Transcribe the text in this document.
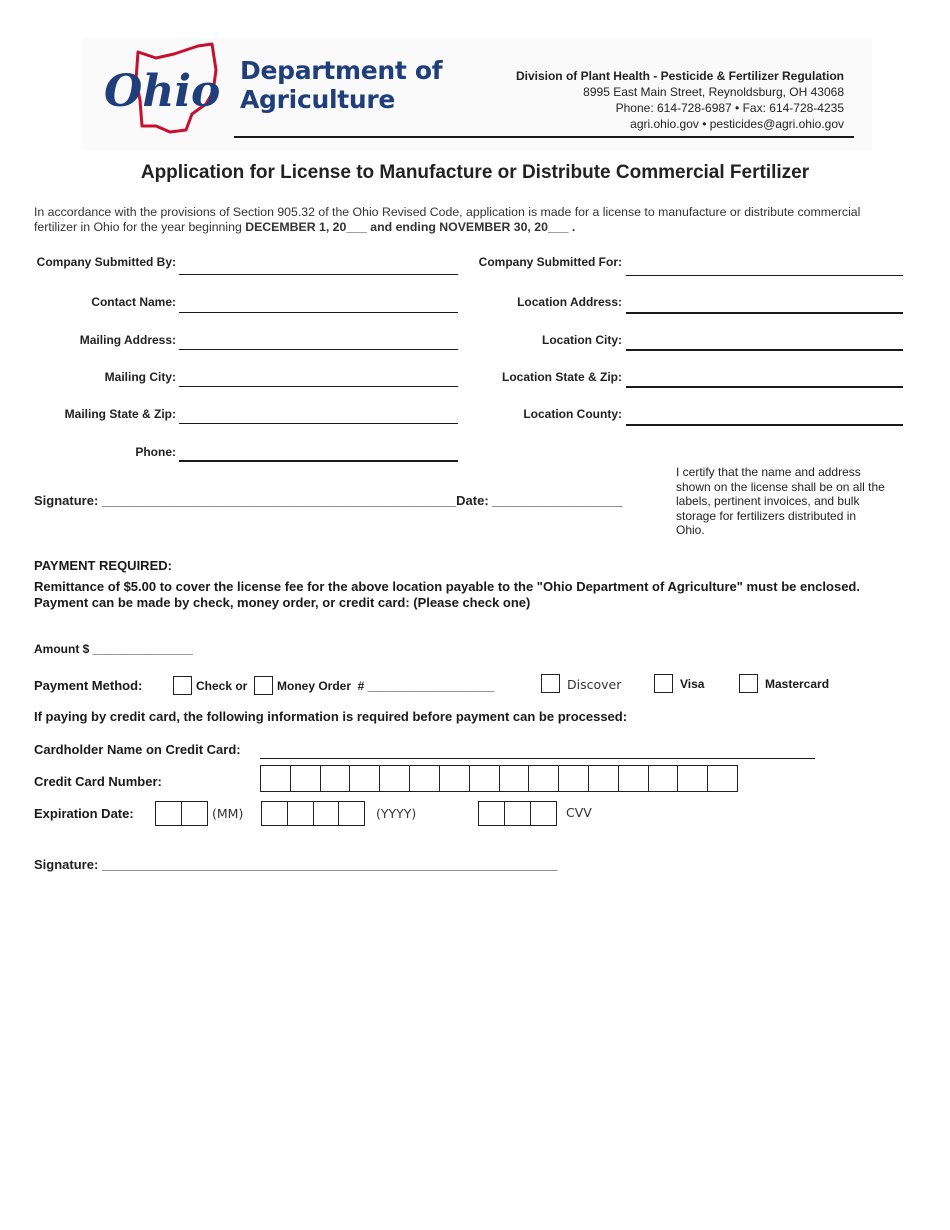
Ohio Department of
Agriculture
Division of Plant Health - Pesticide & Fertilizer Regulation
8995 East Main Street, Reynoldsburg, OH 43068
Phone: 614-728-6987 • Fax: 614-728-4235
agri.ohio.gov • pesticides@agri.ohio.gov
Application for License to Manufacture or Distribute Commercial Fertilizer
In accordance with the provisions of Section 905.32 of the Ohio Revised Code, application is made for a license to manufacture or distribute commercial fertilizer in Ohio for the year beginning DECEMBER 1, 20___ and ending NOVEMBER 30, 20___ .
Company Submitted By:
Contact Name:
Mailing Address:
Mailing City:
Mailing State & Zip:
Phone:
Company Submitted For:
Location Address:
Location City:
Location State & Zip:
Location County:
Signature: _________________________________________________Date: __________________
I certify that the name and address shown on the license shall be on all the labels, pertinent invoices, and bulk storage for fertilizers distributed in Ohio.
PAYMENT REQUIRED:
Remittance of $5.00 to cover the license fee for the above location payable to the "Ohio Department of Agriculture" must be enclosed. Payment can be made by check, money order, or credit card: (Please check one)
Amount $ _______________
Payment Method:	Check or Money Order  # ___________________	Discover	Visa	Mastercard
If paying by credit card, the following information is required before payment can be processed:
Cardholder Name on Credit Card:
Credit Card Number:
Expiration Date:	(MM)	(YYYY)	CVV
Signature: _______________________________________________________________
